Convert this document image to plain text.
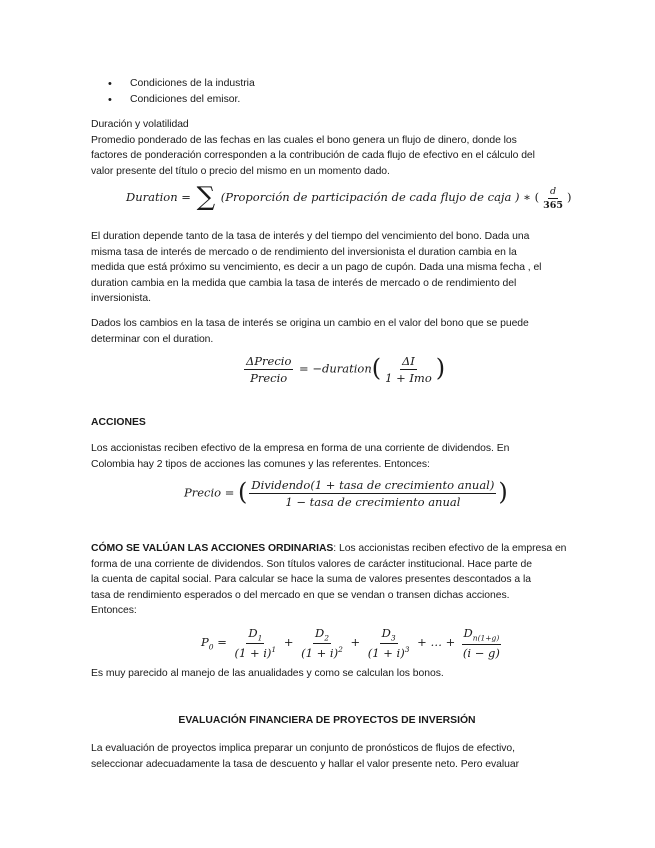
• Condiciones de la industria
• Condiciones del emisor.
Duración y volatilidad
Promedio ponderado de las fechas en las cuales el bono genera un flujo de dinero, donde los
factores de ponderación corresponden a la contribución de cada flujo de efectivo en el cálculo del
valor presente del título o precio del mismo en un momento dado.
Duration = ∑ (Proporción de participación de cada flujo de caja ) ∗ ( $\frac{d}{365}$ )
El duration depende tanto de la tasa de interés y del tiempo del vencimiento del bono. Dada una
misma tasa de interés de mercado o de rendimiento del inversionista el duration cambia en la
medida que está próximo su vencimiento, es decir a un pago de cupón. Dada una misma fecha , el
duration cambia en la medida que cambia la tasa de interés de mercado o de rendimiento del
inversionista.
Dados los cambios en la tasa de interés se origina un cambio en el valor del bono que se puede
determinar con el duration.
$\frac{\text{ΔPrecio}}{\text{Precio}}$ = −duration( $\frac{\Delta I}{\text{1 + Imo}}$ )
ACCIONES
Los accionistas reciben efectivo de la empresa en forma de una corriente de dividendos. En
Colombia hay 2 tipos de acciones las comunes y las referentes. Entonces:
Precio = ( $\frac{\text{Dividendo(1 + tasa de crecimiento anual)}}{\text{1 − tasa de crecimiento anual}}$ )
CÓMO SE VALÚAN LAS ACCIONES ORDINARIAS: Los accionistas reciben efectivo de la empresa en
forma de una corriente de dividendos. Son títulos valores de carácter institucional. Hace parte de
la cuenta de capital social. Para calcular se hace la suma de valores presentes descontados a la
tasa de rendimiento esperados o del mercado en que se vendan o transen dichas acciones.
Entonces:
$P_0 = \frac{D_1}{(1 + i)^1} + \frac{D_2}{(1 + i)^2} + \frac{D_3}{(1 + i)^3}$ + … + $\frac{D_{n(1+g)}}{(i - g)}$
Es muy parecido al manejo de las anualidades y como se calculan los bonos.
EVALUACIÓN FINANCIERA DE PROYECTOS DE INVERSIÓN
La evaluación de proyectos implica preparar un conjunto de pronósticos de flujos de efectivo,
seleccionar adecuadamente la tasa de descuento y hallar el valor presente neto. Pero evaluar
